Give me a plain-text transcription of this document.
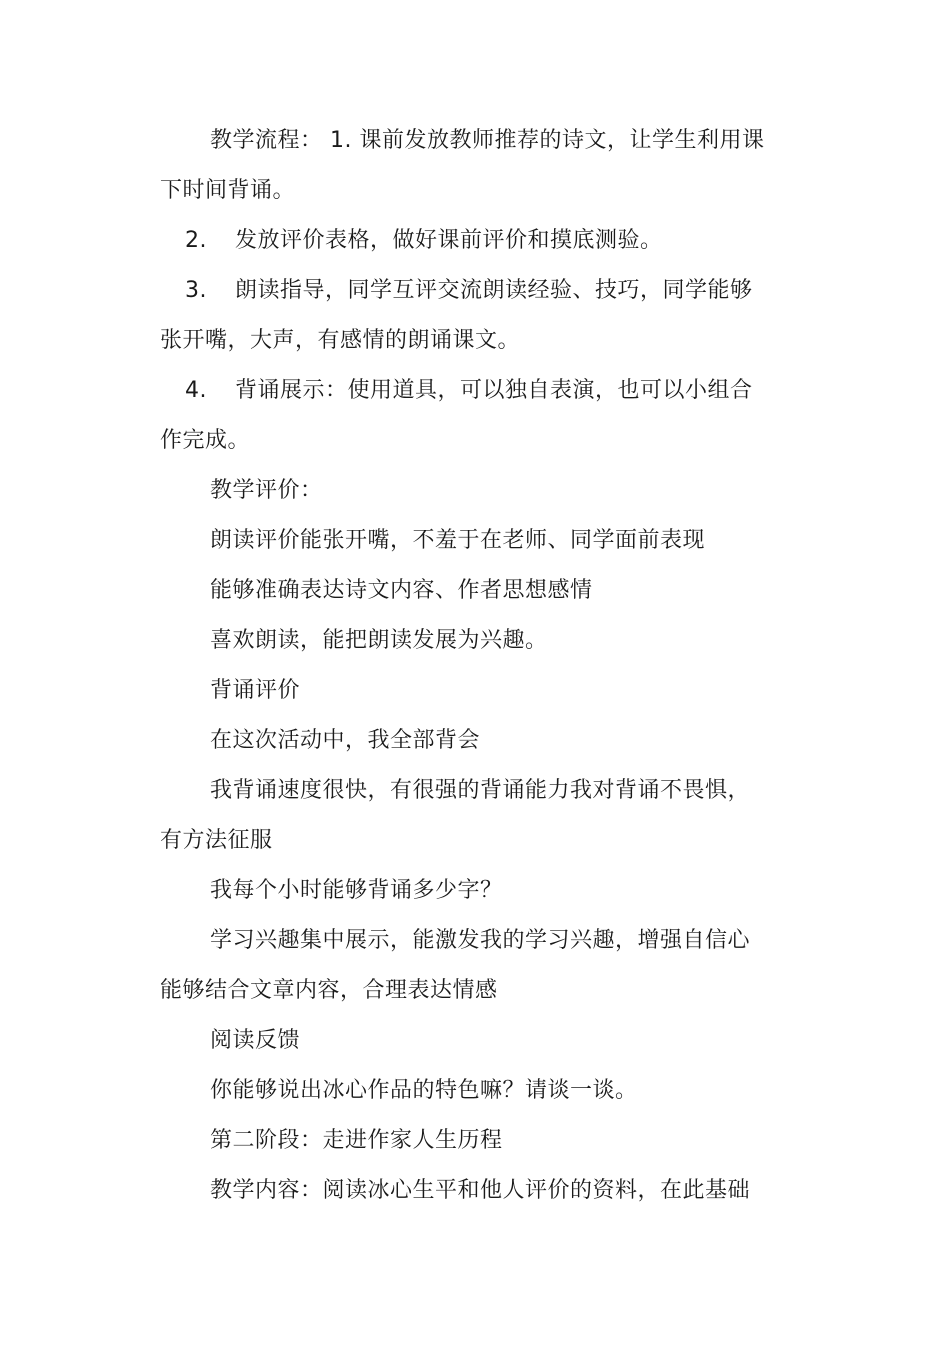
教学流程： 1. 课前发放教师推荐的诗文，让学生利用课
下时间背诵。
2. 发放评价表格，做好课前评价和摸底测验。
3. 朗读指导，同学互评交流朗读经验、技巧，同学能够
张开嘴，大声，有感情的朗诵课文。
4. 背诵展示：使用道具，可以独自表演，也可以小组合
作完成。
教学评价：
朗读评价能张开嘴，不羞于在老师、同学面前表现
能够准确表达诗文内容、作者思想感情
喜欢朗读，能把朗读发展为兴趣。
背诵评价
在这次活动中，我全部背会
我背诵速度很快，有很强的背诵能力我对背诵不畏惧，
有方法征服
我每个小时能够背诵多少字？
学习兴趣集中展示，能激发我的学习兴趣，增强自信心
能够结合文章内容，合理表达情感
阅读反馈
你能够说出冰心作品的特色嘛？请谈一谈。
第二阶段：走进作家人生历程
教学内容：阅读冰心生平和他人评价的资料，在此基础
